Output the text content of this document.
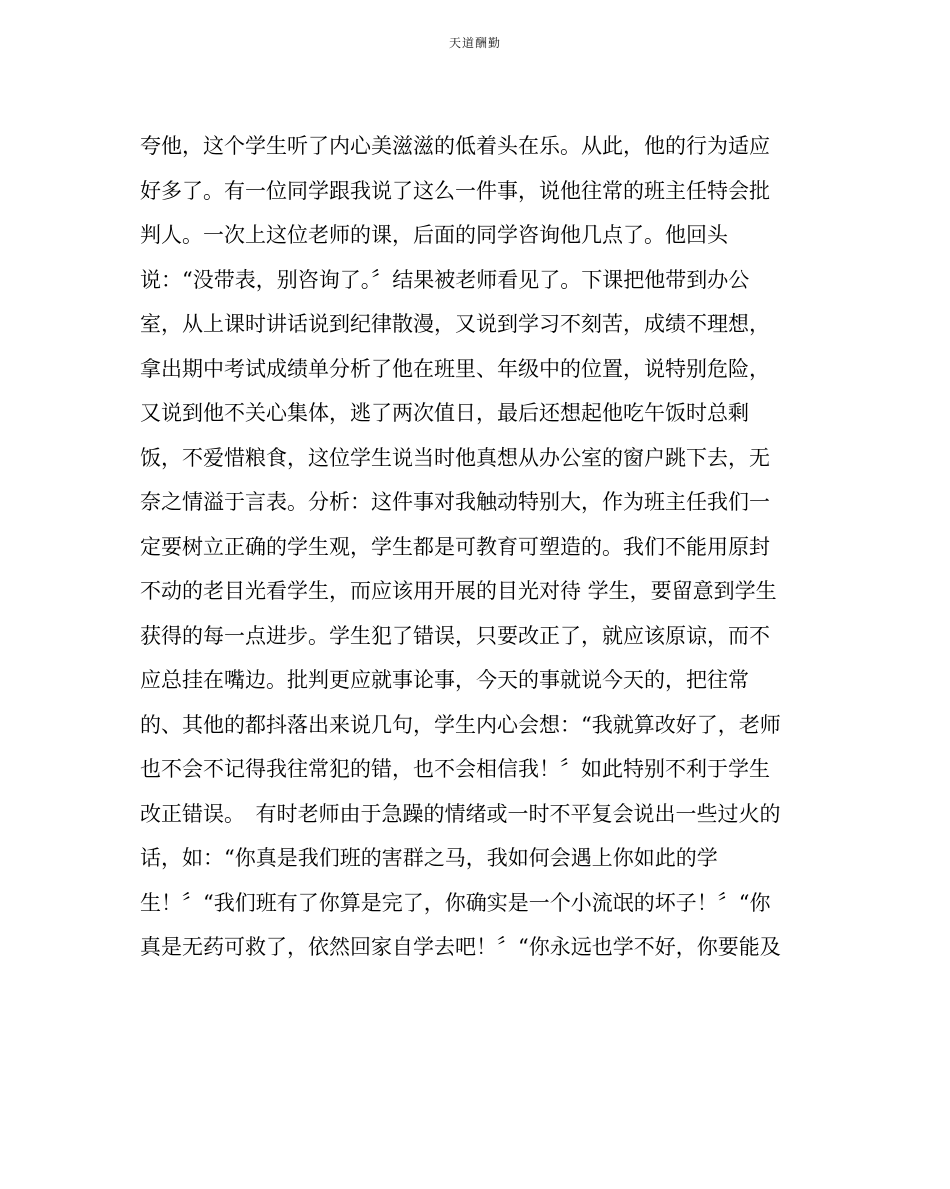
天道酬勤
夸他，这个学生听了内心美滋滋的低着头在乐。从此，他的行为适应
好多了。有一位同学跟我说了这么一件事，说他往常的班主任特会批
判人。一次上这位老师的课，后面的同学咨询他几点了。他回头
说：“没带表，别咨询了。〞结果被老师看见了。下课把他带到办公
室，从上课时讲话说到纪律散漫，又说到学习不刻苦，成绩不理想，
拿出期中考试成绩单分析了他在班里、年级中的位置，说特别危险，
又说到他不关心集体，逃了两次值日，最后还想起他吃午饭时总剩
饭，不爱惜粮食，这位学生说当时他真想从办公室的窗户跳下去，无
奈之情溢于言表。分析：这件事对我触动特别大，作为班主任我们一
定要树立正确的学生观，学生都是可教育可塑造的。我们不能用原封
不动的老目光看学生，而应该用开展的目光对待 学生，要留意到学生
获得的每一点进步。学生犯了错误，只要改正了，就应该原谅，而不
应总挂在嘴边。批判更应就事论事，今天的事就说今天的，把往常
的、其他的都抖落出来说几句，学生内心会想：“我就算改好了，老师
也不会不记得我往常犯的错，也不会相信我！〞如此特别不利于学生
改正错误。　有时老师由于急躁的情绪或一时不平复会说出一些过火的
话，如：“你真是我们班的害群之马，我如何会遇上你如此的学
生！〞“我们班有了你算是完了，你确实是一个小流氓的坏子！〞“你
真是无药可救了，依然回家自学去吧！〞“你永远也学不好，你要能及
